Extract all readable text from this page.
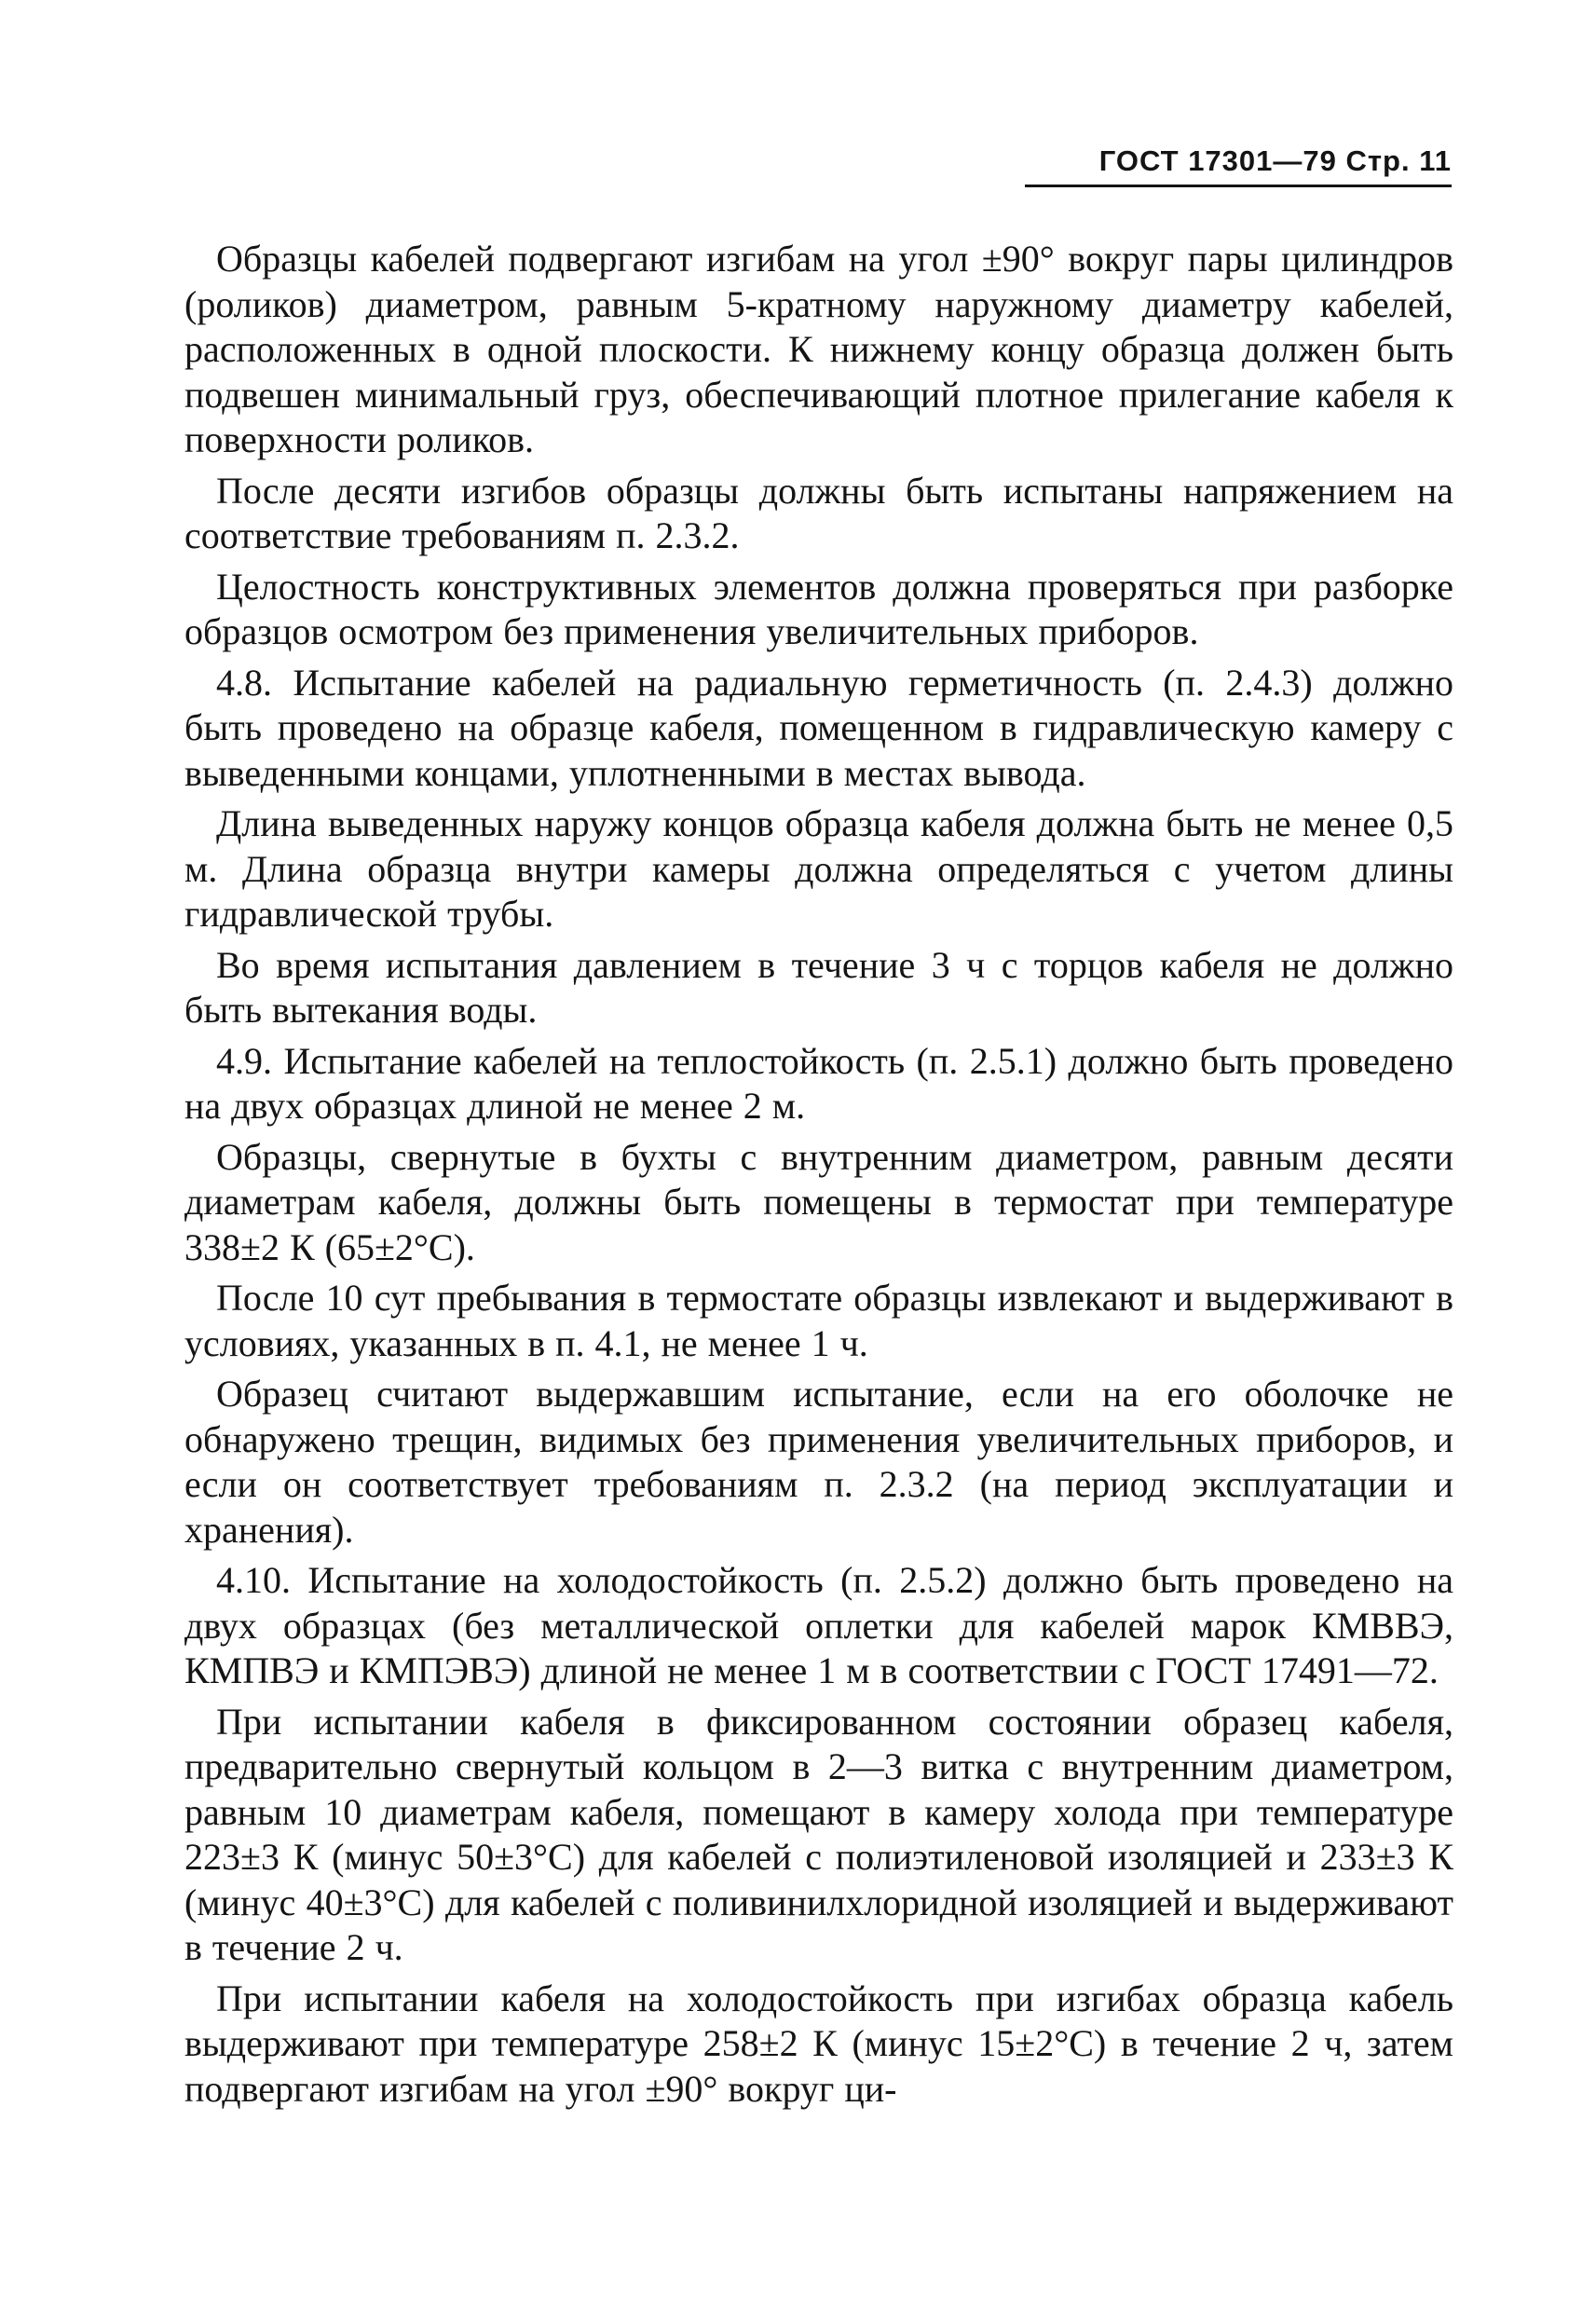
ГОСТ 17301—79 Стр. 11

Образцы кабелей подвергают изгибам на угол ±90° вокруг пары цилиндров (роликов) диаметром, равным 5-кратному наружному диаметру кабелей, расположенных в одной плоскости. К нижнему концу образца должен быть подвешен минимальный груз, обеспечивающий плотное прилегание кабеля к поверхности роликов.

После десяти изгибов образцы должны быть испытаны напряжением на соответствие требованиям п. 2.3.2.

Целостность конструктивных элементов должна проверяться при разборке образцов осмотром без применения увеличительных приборов.

4.8. Испытание кабелей на радиальную герметичность (п. 2.4.3) должно быть проведено на образце кабеля, помещенном в гидравлическую камеру с выведенными концами, уплотненными в местах вывода.

Длина выведенных наружу концов образца кабеля должна быть не менее 0,5 м. Длина образца внутри камеры должна определяться с учетом длины гидравлической трубы.

Во время испытания давлением в течение 3 ч с торцов кабеля не должно быть вытекания воды.

4.9. Испытание кабелей на теплостойкость (п. 2.5.1) должно быть проведено на двух образцах длиной не менее 2 м.

Образцы, свернутые в бухты с внутренним диаметром, равным десяти диаметрам кабеля, должны быть помещены в термостат при температуре 338±2 К (65±2°С).

После 10 сут пребывания в термостате образцы извлекают и выдерживают в условиях, указанных в п. 4.1, не менее 1 ч.

Образец считают выдержавшим испытание, если на его оболочке не обнаружено трещин, видимых без применения увеличительных приборов, и если он соответствует требованиям п. 2.3.2 (на период эксплуатации и хранения).

4.10. Испытание на холодостойкость (п. 2.5.2) должно быть проведено на двух образцах (без металлической оплетки для кабелей марок КМВВЭ, КМПВЭ и КМПЭВЭ) длиной не менее 1 м в соответствии с ГОСТ 17491—72.

При испытании кабеля в фиксированном состоянии образец кабеля, предварительно свернутый кольцом в 2—3 витка с внутренним диаметром, равным 10 диаметрам кабеля, помещают в камеру холода при температуре 223±3 К (минус 50±3°С) для кабелей с полиэтиленовой изоляцией и 233±3 К (минус 40±3°С) для кабелей с поливинилхлоридной изоляцией и выдерживают в течение 2 ч.

При испытании кабеля на холодостойкость при изгибах образца кабель выдерживают при температуре 258±2 К (минус 15±2°С) в течение 2 ч, затем подвергают изгибам на угол ±90° вокруг ци-
